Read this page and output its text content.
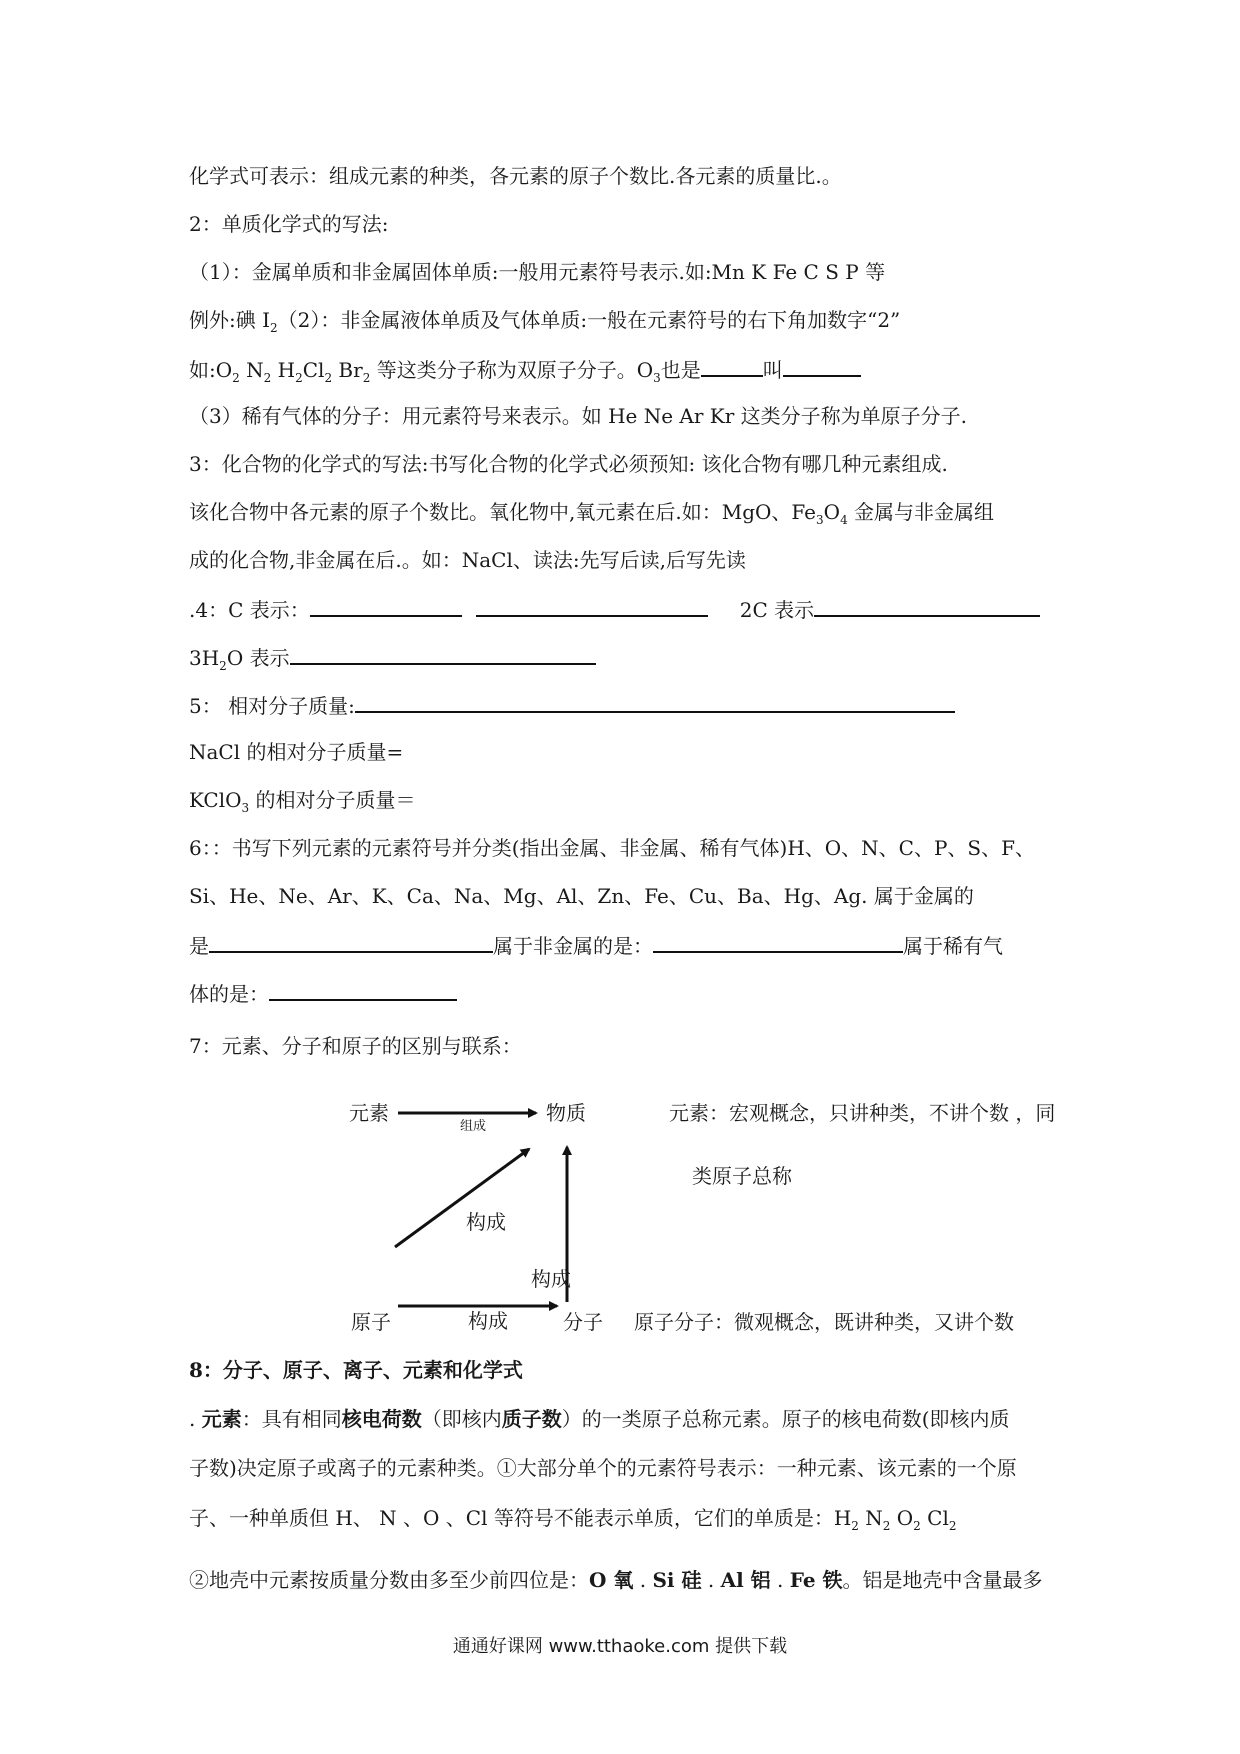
化学式可表示：组成元素的种类，各元素的原子个数比.各元素的质量比.。
2：单质化学式的写法:
（1）：金属单质和非金属固体单质:一般用元素符号表示.如:Mn K Fe C S P 等
例外:碘 $I_2(2)$：非金属液体单质及气体单质:一般在元素符号的右下角加数字“2”
如$:O_2$ $N_2$ $H_2Cl_2$ $Br_2$ 等这类分子称为双原子分子。$O_3$也是	叫
（3）稀有气体的分子：用元素符号来表示。如 He Ne Ar Kr 这类分子称为单原子分子.
3：化合物的化学式的写法:书写化合物的化学式必须预知: 该化合物有哪几种元素组成.
该化合物中各元素的原子个数比。氧化物中,氧元素在后.如：MgO、$Fe_3O_4$ 金属与非金属组
成的化合物,非金属在后.。如：NaCl、读法:先写后读,后写先读
.4：C 表示：	2C 表示
$3H_2O$ 表示
5： 相对分子质量:
NaCl 的相对分子质量=
KClO$_3$ 的相对分子质量＝
6：：书写下列元素的元素符号并分类(指出金属、非金属、稀有气体)H、O、N、C、P、S、F、
Si、He、Ne、Ar、K、Ca、Na、Mg、Al、Zn、Fe、Cu、Ba、Hg、Ag. 属于金属的
是	属于非金属的是：	属于稀有气
体的是：
7：元素、分子和原子的区别与联系：
元素
组成
物质
构成
构成
构成
原子	分子
元素：宏观概念，只讲种类，不讲个数 ，同
类原子总称
原子分子：微观概念，既讲种类，又讲个数
8：分子、原子、离子、元素和化学式
. 元素：具有相同核电荷数（即核内质子数）的一类原子总称元素。原子的核电荷数(即核内质
子数)决定原子或离子的元素种类。①大部分单个的元素符号表示：一种元素、该元素的一个原
子、一种单质但 H、 N 、O 、Cl 等符号不能表示单质，它们的单质是：$H_2$ $N_2$ $O_2$ $Cl_2$
②地壳中元素按质量分数由多至少前四位是：O 氧 . Si 硅 . Al 铝 . Fe 铁。铝是地壳中含量最多
通通好课网 www.tthaoke.com 提供下载
